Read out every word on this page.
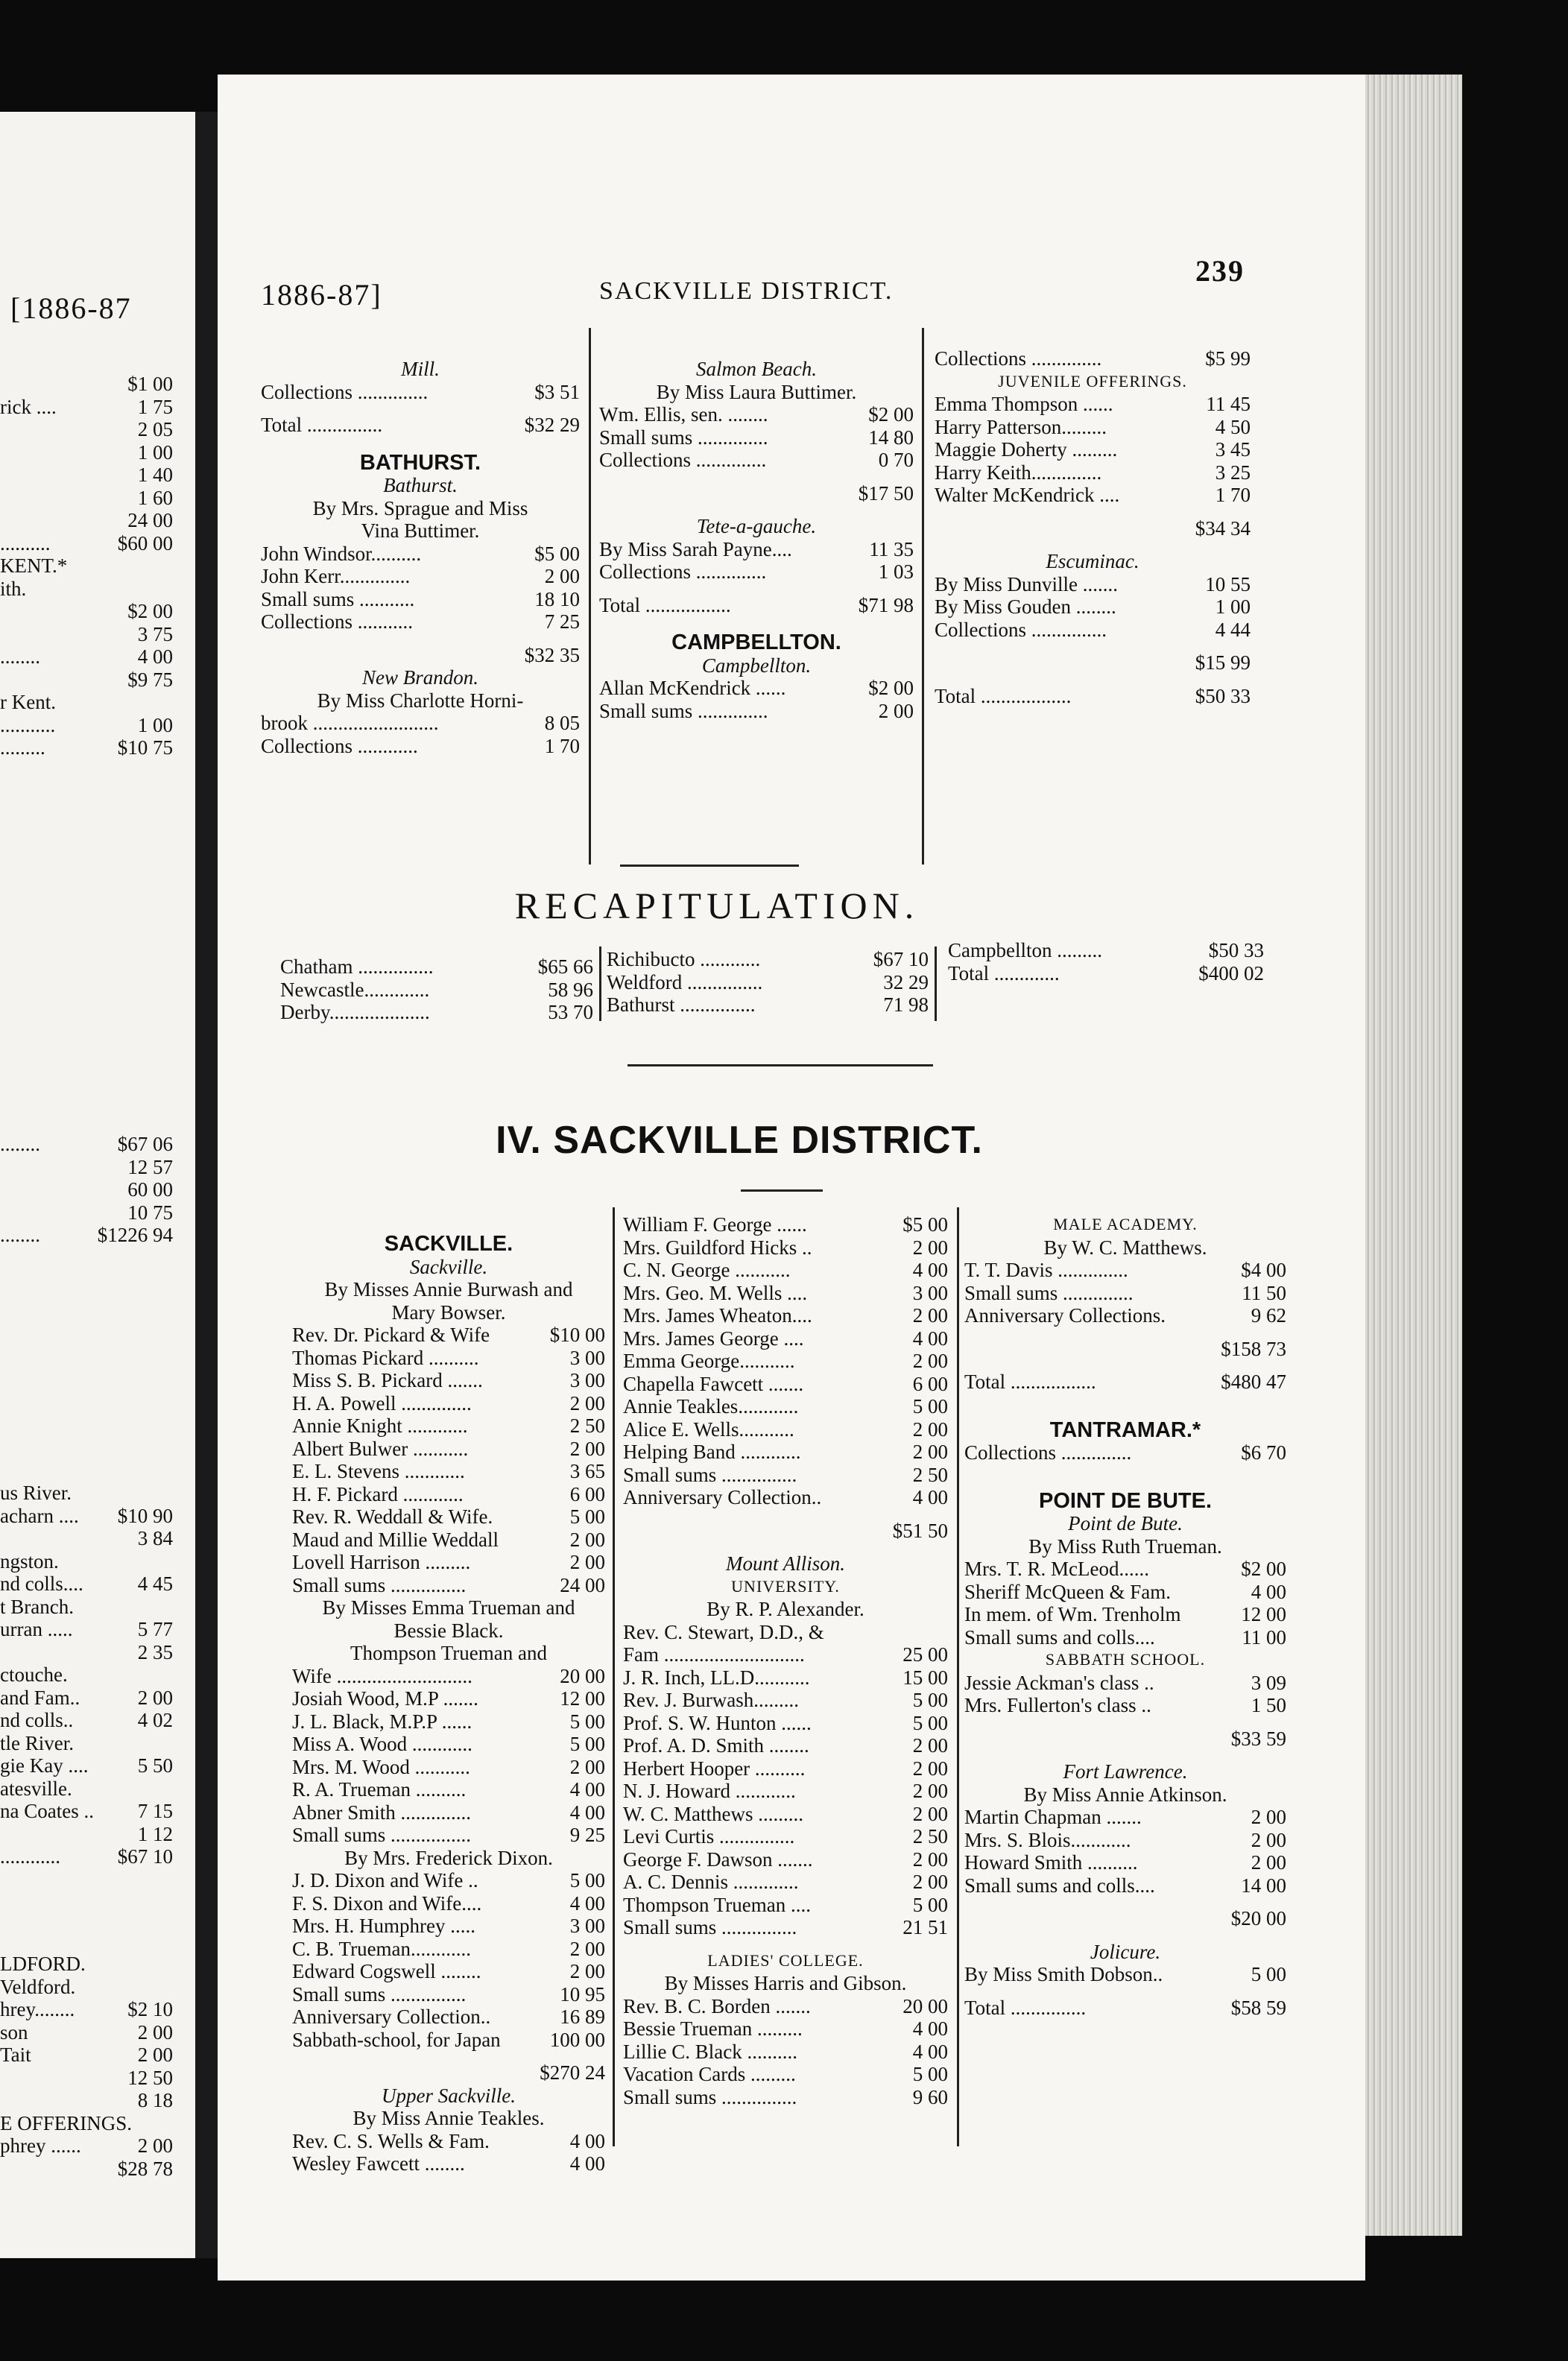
[1886-87
$1 00
rick ....	1 75
2 05
1 00
1 40
1 60
24 00
..........	$60 00
KENT.*
ith.
$2 00
3 75
........	4 00
$9 75
r Kent.
...........	1 00
.........	$10 75
........	$67 06
12 57
60 00
10 75
........	$1226 94
us River.
acharn .... $10 90
3 84
ngston.
nd colls....	4 45
t Branch.
urran .....	5 77
2 35
ctouche.
and Fam..	2 00
nd colls..	4 02
tle River.
gie Kay .... 5 50
atesville.
na Coates .. 7 15
1 12
............	$67 10
LDFORD.
Veldford.
hrey........	$2 10
son	2 00
Tait	2 00
12 50
8 18
E OFFERINGS.
phrey ......	2 00
$28 78
1886-87]	SACKVILLE DISTRICT.
239
Mill.
Collections ..............	$3 51
Total ...............	$32 29
BATHURST.
Bathurst.
By Mrs. Sprague and Miss
Vina Buttimer.
John Windsor..........	$5 00
John Kerr..............	2 00
Small sums ...........	18 10
Collections ...........	7 25
$32 35
New Brandon.
By Miss Charlotte Horni-
brook .........................	8 05
Collections ............	1 70
Salmon Beach.
By Miss Laura Buttimer.
Wm. Ellis, sen. ........	$2 00
Small sums ..............	14 80
Collections ..............	0 70
$17 50
Tete-a-gauche.
By Miss Sarah Payne....	11 35
Collections ..............	1 03
Total .................	$71 98
CAMPBELLTON.
Campbellton.
Allan McKendrick ......	$2 00
Small sums ..............	2 00
Collections ..............	$5 99
JUVENILE OFFERINGS.
Emma Thompson ......	11 45
Harry Patterson.........	4 50
Maggie Doherty .........	3 45
Harry Keith..............	3 25
Walter McKendrick ....	1 70
$34 34
Escuminac.
By Miss Dunville .......	10 55
By Miss Gouden ........	1 00
Collections ...............	4 44
$15 99
Total ..................	$50 33
RECAPITULATION.
Chatham ...............	$65 66
Newcastle.............	58 96
Derby....................	53 70
Richibucto ............	$67 10
Weldford ...............	32 29
Bathurst ...............	71 98
Campbellton .........	$50 33
Total .............	$400 02
IV. SACKVILLE DISTRICT.
SACKVILLE.
Sackville.
By Misses Annie Burwash and
Mary Bowser.
Rev. Dr. Pickard & Wife	$10 00
Thomas Pickard ..........	3 00
Miss S. B. Pickard .......	3 00
H. A. Powell ..............	2 00
Annie Knight ............	2 50
Albert Bulwer ...........	2 00
E. L. Stevens ............	3 65
H. F. Pickard ............	6 00
Rev. R. Weddall & Wife.	5 00
Maud and Millie Weddall	2 00
Lovell Harrison .........	2 00
Small sums ...............	24 00
By Misses Emma Trueman and
Bessie Black.
Thompson Trueman and
Wife ...........................	20 00
Josiah Wood, M.P .......	12 00
J. L. Black, M.P.P ......	5 00
Miss A. Wood ............	5 00
Mrs. M. Wood ...........	2 00
R. A. Trueman ..........	4 00
Abner Smith ..............	4 00
Small sums ................	9 25
By Mrs. Frederick Dixon.
J. D. Dixon and Wife ..	5 00
F. S. Dixon and Wife....	4 00
Mrs. H. Humphrey .....	3 00
C. B. Trueman............	2 00
Edward Cogswell ........	2 00
Small sums ...............	10 95
Anniversary Collection..	16 89
Sabbath-school, for Japan 100 00
$270 24
Upper Sackville.
By Miss Annie Teakles.
Rev. C. S. Wells & Fam.	4 00
Wesley Fawcett ........	4 00
William F. George ......	$5 00
Mrs. Guildford Hicks ..	2 00
C. N. George ...........	4 00
Mrs. Geo. M. Wells ....	3 00
Mrs. James Wheaton....	2 00
Mrs. James George ....	4 00
Emma George...........	2 00
Chapella Fawcett .......	6 00
Annie Teakles............	5 00
Alice E. Wells...........	2 00
Helping Band ............	2 00
Small sums ...............	2 50
Anniversary Collection..	4 00
$51 50
Mount Allison.
UNIVERSITY.
By R. P. Alexander.
Rev. C. Stewart, D.D., &
Fam ............................	25 00
J. R. Inch, LL.D...........	15 00
Rev. J. Burwash.........	5 00
Prof. S. W. Hunton ......	5 00
Prof. A. D. Smith ........	2 00
Herbert Hooper ..........	2 00
N. J. Howard ............	2 00
W. C. Matthews .........	2 00
Levi Curtis ...............	2 50
George F. Dawson .......	2 00
A. C. Dennis .............	2 00
Thompson Trueman ....	5 00
Small sums ...............	21 51
LADIES' COLLEGE.
By Misses Harris and Gibson.
Rev. B. C. Borden .......	20 00
Bessie Trueman .........	4 00
Lillie C. Black ..........	4 00
Vacation Cards .........	5 00
Small sums ...............	9 60
MALE ACADEMY.
By W. C. Matthews.
T. T. Davis ..............	$4 00
Small sums ..............	11 50
Anniversary Collections.	9 62
$158 73
Total .................	$480 47
TANTRAMAR.*
Collections ..............	$6 70
POINT DE BUTE.
Point de Bute.
By Miss Ruth Trueman.
Mrs. T. R. McLeod......	$2 00
Sheriff McQueen & Fam.	4 00
In mem. of Wm. Trenholm	12 00
Small sums and colls....	11 00
SABBATH SCHOOL.
Jessie Ackman's class ..	3 09
Mrs. Fullerton's class ..	1 50
$33 59
Fort Lawrence.
By Miss Annie Atkinson.
Martin Chapman .......	2 00
Mrs. S. Blois............	2 00
Howard Smith ..........	2 00
Small sums and colls....	14 00
$20 00
Jolicure.
By Miss Smith Dobson..	5 00
Total ...............	$58 59
